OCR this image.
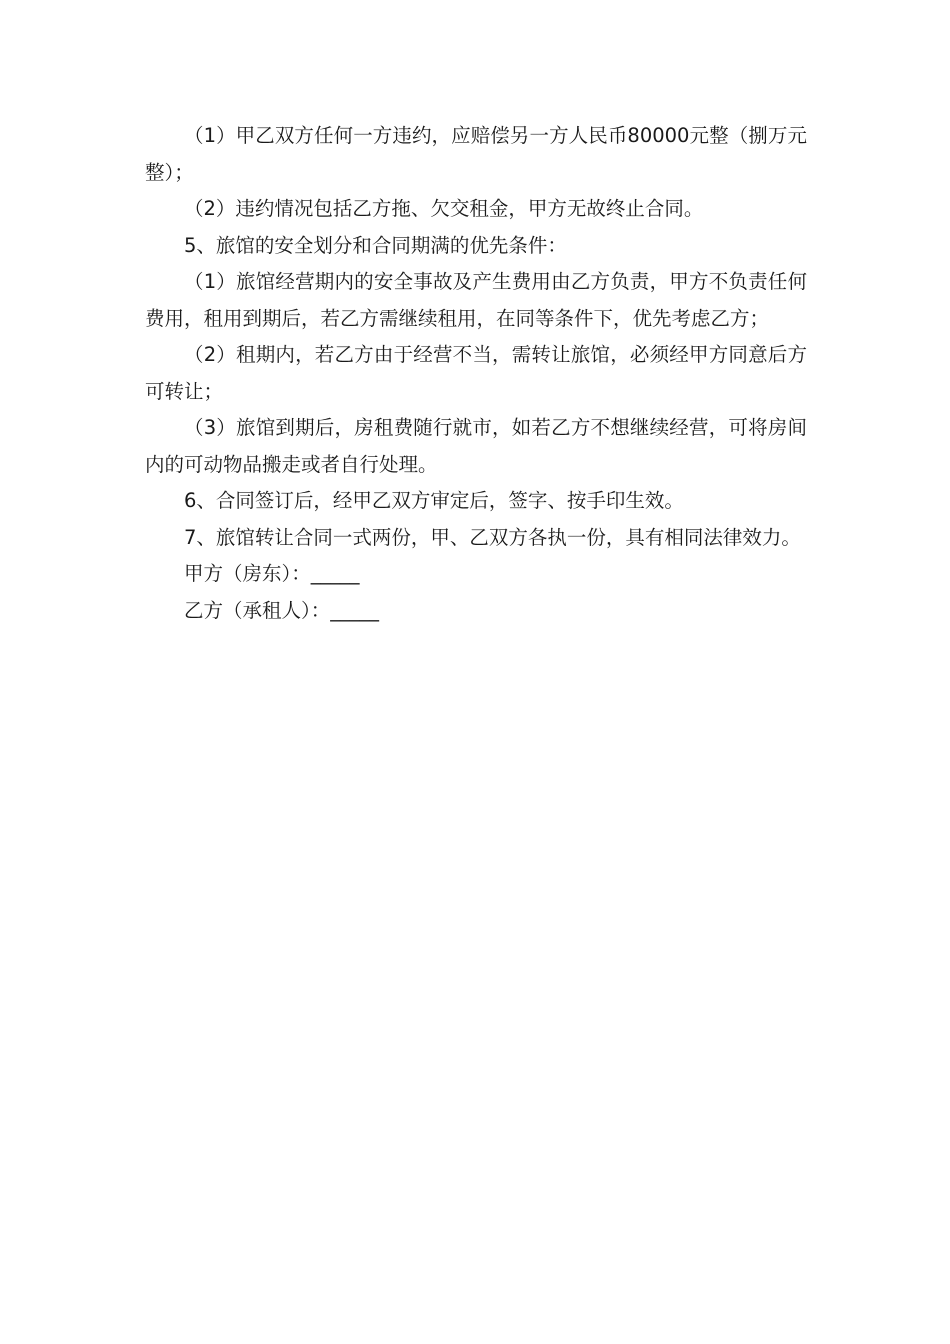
（1）甲乙双方任何一方违约，应赔偿另一方人民币80000元整（捌万元整）；

（2）违约情况包括乙方拖、欠交租金，甲方无故终止合同。

5、旅馆的安全划分和合同期满的优先条件：

（1）旅馆经营期内的安全事故及产生费用由乙方负责，甲方不负责任何费用，租用到期后，若乙方需继续租用，在同等条件下，优先考虑乙方；

（2）租期内，若乙方由于经营不当，需转让旅馆，必须经甲方同意后方可转让；

（3）旅馆到期后，房租费随行就市，如若乙方不想继续经营，可将房间内的可动物品搬走或者自行处理。

6、合同签订后，经甲乙双方审定后，签字、按手印生效。

7、旅馆转让合同一式两份，甲、乙双方各执一份，具有相同法律效力。

甲方（房东）：_____

乙方（承租人）：_____
